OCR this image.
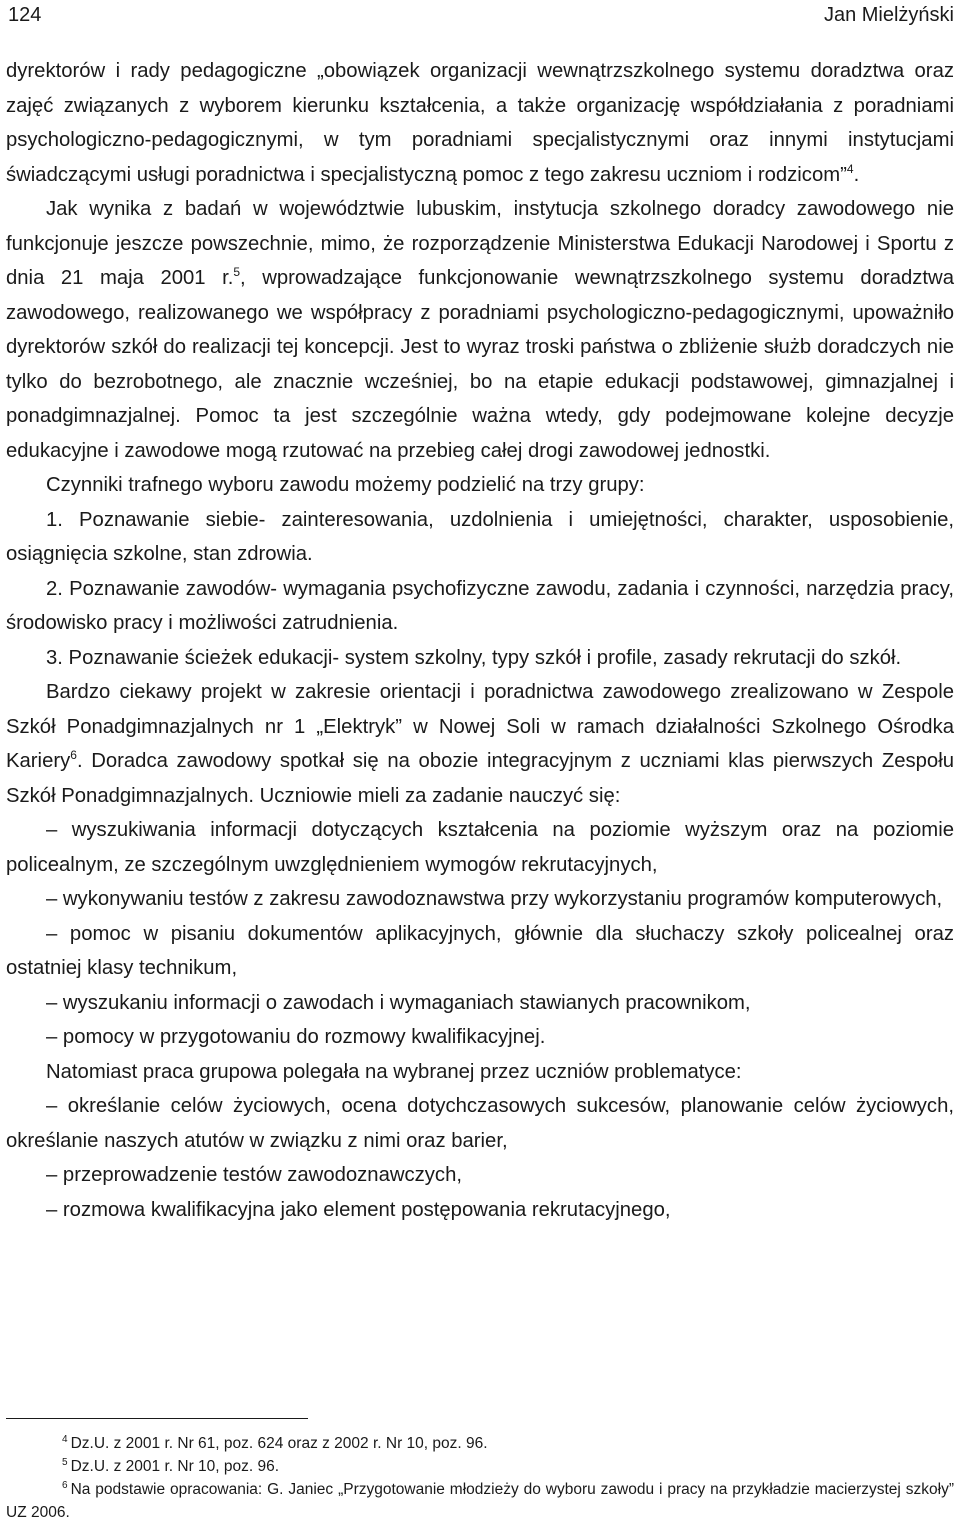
124	Jan Mielżyński

dyrektorów i rady pedagogiczne „obowiązek organizacji wewnątrzszkolnego systemu doradztwa oraz zajęć związanych z wyborem kierunku kształcenia, a także organizację współdziałania z poradniami psychologiczno-pedagogicznymi, w tym poradniami specjalistycznymi oraz innymi instytucjami świadczącymi usługi poradnictwa i specjalistyczną pomoc z tego zakresu uczniom i rodzicom”$^4$.

Jak wynika z badań w województwie lubuskim, instytucja szkolnego doradcy zawodowego nie funkcjonuje jeszcze powszechnie, mimo, że rozporządzenie Ministerstwa Edukacji Narodowej i Sportu z dnia 21 maja 2001 r.$^5$, wprowadzające funkcjonowanie wewnątrzszkolnego systemu doradztwa zawodowego, realizowanego we współpracy z poradniami psychologiczno-pedagogicznymi, upoważniło dyrektorów szkół do realizacji tej koncepcji. Jest to wyraz troski państwa o zbliżenie służb doradczych nie tylko do bezrobotnego, ale znacznie wcześniej, bo na etapie edukacji podstawowej, gimnazjalnej i ponadgimnazjalnej. Pomoc ta jest szczególnie ważna wtedy, gdy podejmowane kolejne decyzje edukacyjne i zawodowe mogą rzutować na przebieg całej drogi zawodowej jednostki.

Czynniki trafnego wyboru zawodu możemy podzielić na trzy grupy:

1. Poznawanie siebie- zainteresowania, uzdolnienia i umiejętności, charakter, usposobienie, osiągnięcia szkolne, stan zdrowia.

2. Poznawanie zawodów- wymagania psychofizyczne zawodu, zadania i czynności, narzędzia pracy, środowisko pracy i możliwości zatrudnienia.

3. Poznawanie ścieżek edukacji- system szkolny, typy szkół i profile, zasady rekrutacji do szkół.

Bardzo ciekawy projekt w zakresie orientacji i poradnictwa zawodowego zrealizowano w Zespole Szkół Ponadgimnazjalnych nr 1 „Elektryk” w Nowej Soli w ramach działalności Szkolnego Ośrodka Kariery$^6$. Doradca zawodowy spotkał się na obozie integracyjnym z uczniami klas pierwszych Zespołu Szkół Ponadgimnazjalnych. Uczniowie mieli za zadanie nauczyć się:

– wyszukiwania informacji dotyczących kształcenia na poziomie wyższym oraz na poziomie policealnym, ze szczególnym uwzględnieniem wymogów rekrutacyjnych,

– wykonywaniu testów z zakresu zawodoznawstwa przy wykorzystaniu programów komputerowych,

– pomoc w pisaniu dokumentów aplikacyjnych, głównie dla słuchaczy szkoły policealnej oraz ostatniej klasy technikum,

– wyszukaniu informacji o zawodach i wymaganiach stawianych pracownikom,

– pomocy w przygotowaniu do rozmowy kwalifikacyjnej.

Natomiast praca grupowa polegała na wybranej przez uczniów problematyce:

– określanie celów życiowych, ocena dotychczasowych sukcesów, planowanie celów życiowych, określanie naszych atutów w związku z nimi oraz barier,

– przeprowadzenie testów zawodoznawczych,

– rozmowa kwalifikacyjna jako element postępowania rekrutacyjnego,

$^4$ Dz.U. z 2001 r. Nr 61, poz. 624 oraz z 2002 r. Nr 10, poz. 96.

$^5$ Dz.U. z 2001 r. Nr 10, poz. 96.

$^6$ Na podstawie opracowania: G. Janiec „Przygotowanie młodzieży do wyboru zawodu i pracy na przykładzie macierzystej szkoły” UZ 2006.
